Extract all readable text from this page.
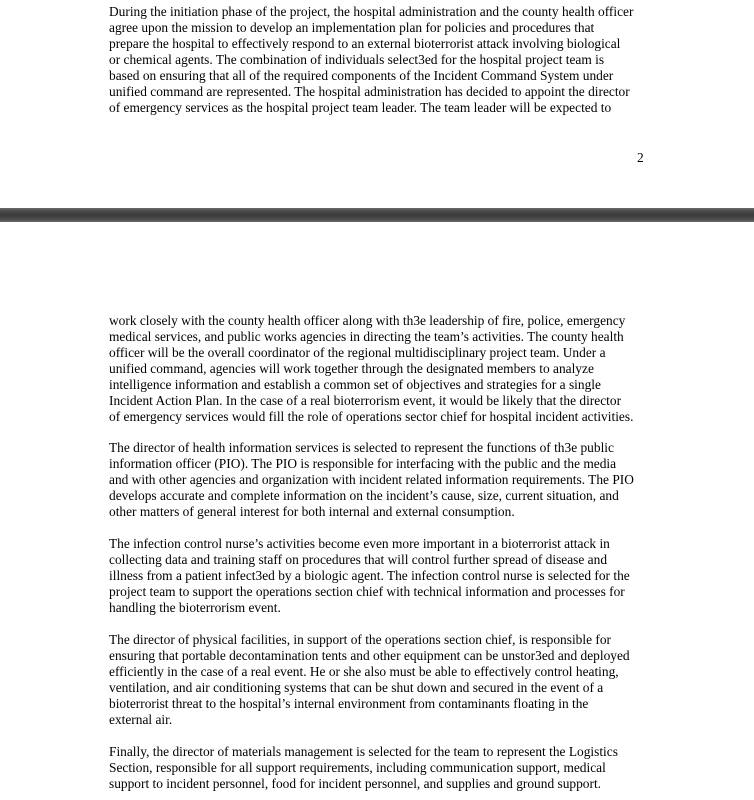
During the initiation phase of the project, the hospital administration and the county health officer
agree upon the mission to develop an implementation plan for policies and procedures that
prepare the hospital to effectively respond to an external bioterrorist attack involving biological
or chemical agents. The combination of individuals select3ed for the hospital project team is
based on ensuring that all of the required components of the Incident Command System under
unified command are represented. The hospital administration has decided to appoint the director
of emergency services as the hospital project team leader. The team leader will be expected to

2

work closely with the county health officer along with th3e leadership of fire, police, emergency
medical services, and public works agencies in directing the team’s activities. The county health
officer will be the overall coordinator of the regional multidisciplinary project team. Under a
unified command, agencies will work together through the designated members to analyze
intelligence information and establish a common set of objectives and strategies for a single
Incident Action Plan. In the case of a real bioterrorism event, it would be likely that the director
of emergency services would fill the role of operations sector chief for hospital incident activities.

The director of health information services is selected to represent the functions of th3e public
information officer (PIO). The PIO is responsible for interfacing with the public and the media
and with other agencies and organization with incident related information requirements. The PIO
develops accurate and complete information on the incident’s cause, size, current situation, and
other matters of general interest for both internal and external consumption.

The infection control nurse’s activities become even more important in a bioterrorist attack in
collecting data and training staff on procedures that will control further spread of disease and
illness from a patient infect3ed by a biologic agent. The infection control nurse is selected for the
project team to support the operations section chief with technical information and processes for
handling the bioterrorism event.

The director of physical facilities, in support of the operations section chief, is responsible for
ensuring that portable decontamination tents and other equipment can be unstor3ed and deployed
efficiently in the case of a real event. He or she also must be able to effectively control heating,
ventilation, and air conditioning systems that can be shut down and secured in the event of a
bioterrorist threat to the hospital’s internal environment from contaminants floating in the
external air.

Finally, the director of materials management is selected for the team to represent the Logistics
Section, responsible for all support requirements, including communication support, medical
support to incident personnel, food for incident personnel, and supplies and ground support.
